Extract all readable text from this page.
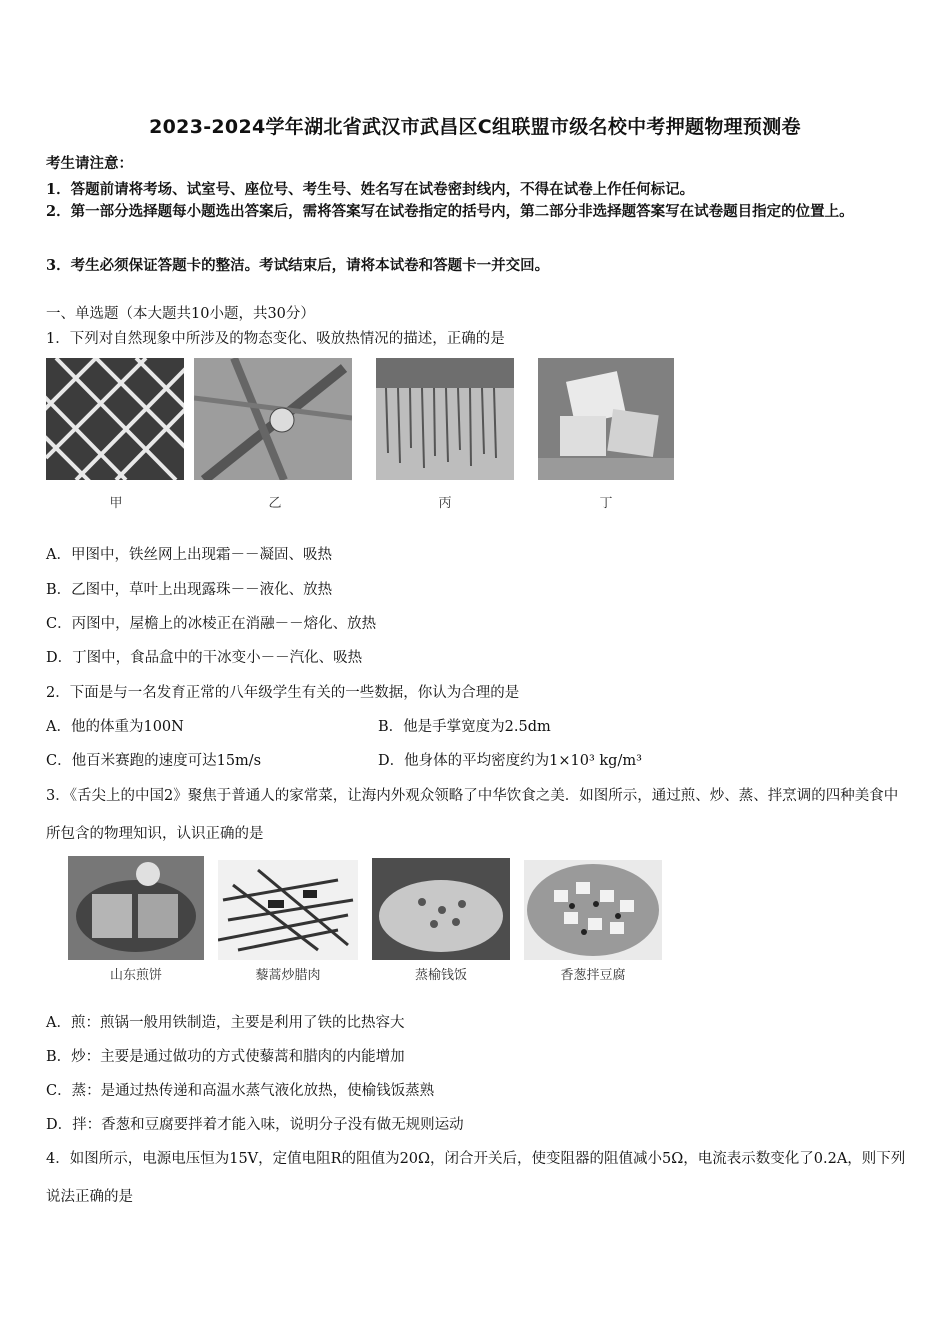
2023-2024学年湖北省武汉市武昌区C组联盟市级名校中考押题物理预测卷
考生请注意：
1．答题前请将考场、试室号、座位号、考生号、姓名写在试卷密封线内，不得在试卷上作任何标记。
2．第一部分选择题每小题选出答案后，需将答案写在试卷指定的括号内，第二部分非选择题答案写在试卷题目指定的位置上。
3．考生必须保证答题卡的整洁。考试结束后，请将本试卷和答题卡一并交回。
一、单选题（本大题共10小题，共30分）
1．下列对自然现象中所涉及的物态变化、吸放热情况的描述，正确的是
甲	乙	丙	丁
A．甲图中，铁丝网上出现霜－－凝固、吸热
B．乙图中，草叶上出现露珠－－液化、放热
C．丙图中，屋檐上的冰棱正在消融－－熔化、放热
D．丁图中，食品盒中的干冰变小－－汽化、吸热
2．下面是与一名发育正常的八年级学生有关的一些数据，你认为合理的是
A．他的体重为100N	B．他是手掌宽度为2.5dm
C．他百米赛跑的速度可达15m/s	D．他身体的平均密度约为1×10³ kg/m³
3．《舌尖上的中国2》聚焦于普通人的家常菜，让海内外观众领略了中华饮食之美．如图所示，通过煎、炒、蒸、拌烹调的四种美食中所包含的物理知识，认识正确的是
山东煎饼	藜蒿炒腊肉	蒸榆钱饭	香葱拌豆腐
A．煎：煎锅一般用铁制造，主要是利用了铁的比热容大
B．炒：主要是通过做功的方式使藜蒿和腊肉的内能增加
C．蒸：是通过热传递和高温水蒸气液化放热，使榆钱饭蒸熟
D．拌：香葱和豆腐要拌着才能入味，说明分子没有做无规则运动
4．如图所示，电源电压恒为15V，定值电阻R的阻值为20Ω，闭合开关后，使变阻器的阻值减小5Ω，电流表示数变化了0.2A，则下列说法正确的是
